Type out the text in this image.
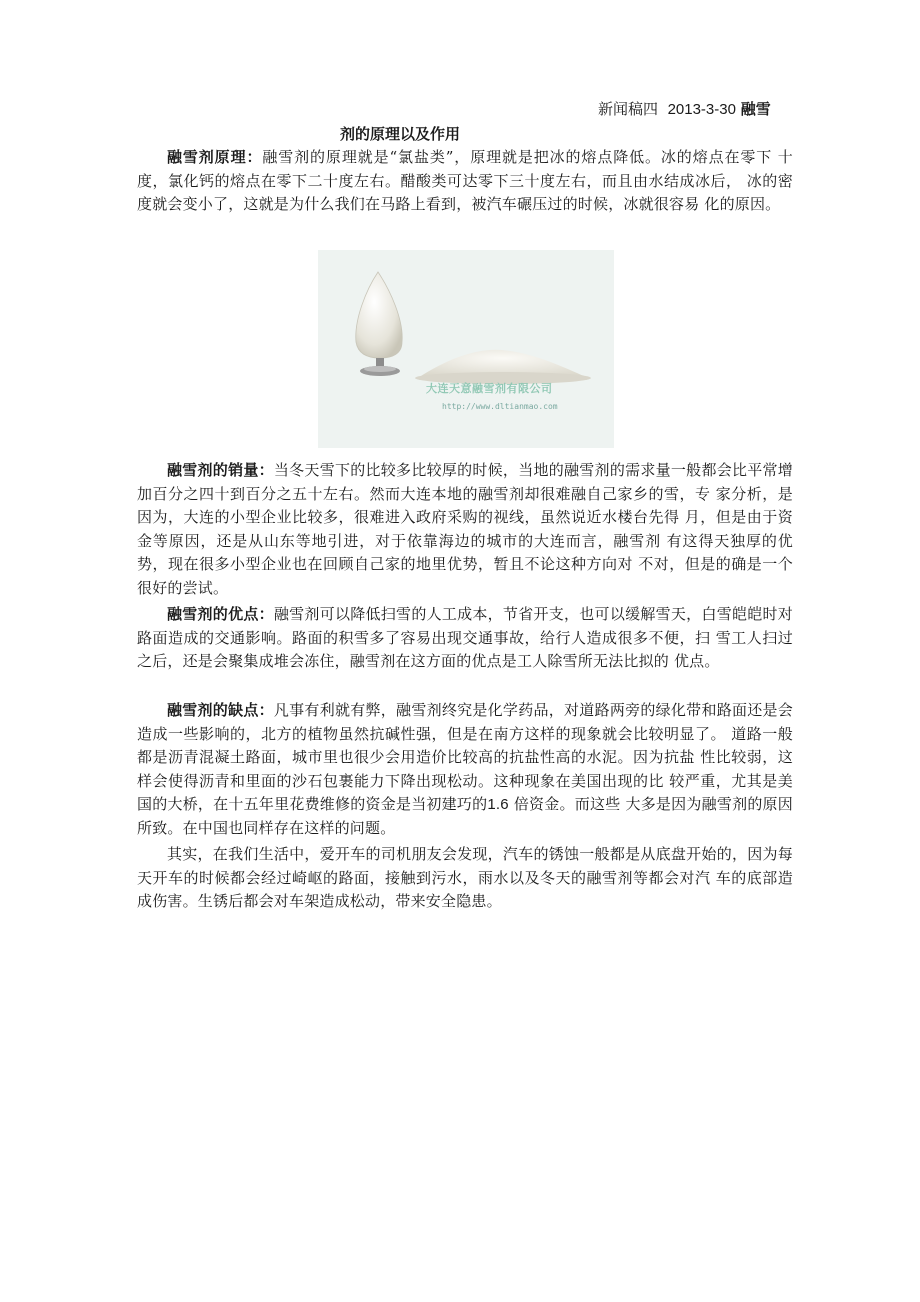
新闻稿四 2013-3-30 融雪
剂的原理以及作用

融雪剂原理：融雪剂的原理就是“氯盐类”，原理就是把冰的熔点降低。冰的熔点在零下 十度，氯化钙的熔点在零下二十度左右。醋酸类可达零下三十度左右，而且由水结成冰后， 冰的密度就会变小了，这就是为什么我们在马路上看到，被汽车碾压过的时候，冰就很容易 化的原因。

大连天意融雪剂有限公司
http://www.dltianmao.com

融雪剂的销量：当冬天雪下的比较多比较厚的时候，当地的融雪剂的需求量一般都会比平常增加百分之四十到百分之五十左右。然而大连本地的融雪剂却很难融自己家乡的雪，专 家分析，是因为，大连的小型企业比较多，很难进入政府采购的视线，虽然说近水楼台先得 月，但是由于资金等原因，还是从山东等地引进，对于依靠海边的城市的大连而言，融雪剂 有这得天独厚的优势，现在很多小型企业也在回顾自己家的地里优势，暂且不论这种方向对 不对，但是的确是一个很好的尝试。

融雪剂的优点：融雪剂可以降低扫雪的人工成本，节省开支，也可以缓解雪天，白雪皑皑时对路面造成的交通影响。路面的积雪多了容易出现交通事故，给行人造成很多不便，扫 雪工人扫过之后，还是会聚集成堆会冻住，融雪剂在这方面的优点是工人除雪所无法比拟的 优点。

融雪剂的缺点：凡事有利就有弊，融雪剂终究是化学药品，对道路两旁的绿化带和路面还是会造成一些影响的，北方的植物虽然抗碱性强，但是在南方这样的现象就会比较明显了。 道路一般都是沥青混凝土路面，城市里也很少会用造价比较高的抗盐性高的水泥。因为抗盐 性比较弱，这样会使得沥青和里面的沙石包裹能力下降出现松动。这种现象在美国出现的比 较严重，尤其是美国的大桥，在十五年里花费维修的资金是当初建巧的1.6 倍资金。而这些 大多是因为融雪剂的原因所致。在中国也同样存在这样的问题。

其实，在我们生活中，爱开车的司机朋友会发现，汽车的锈蚀一般都是从底盘开始的，因为每天开车的时候都会经过崎岖的路面，接触到污水，雨水以及冬天的融雪剂等都会对汽 车的底部造成伤害。生锈后都会对车架造成松动，带来安全隐患。
